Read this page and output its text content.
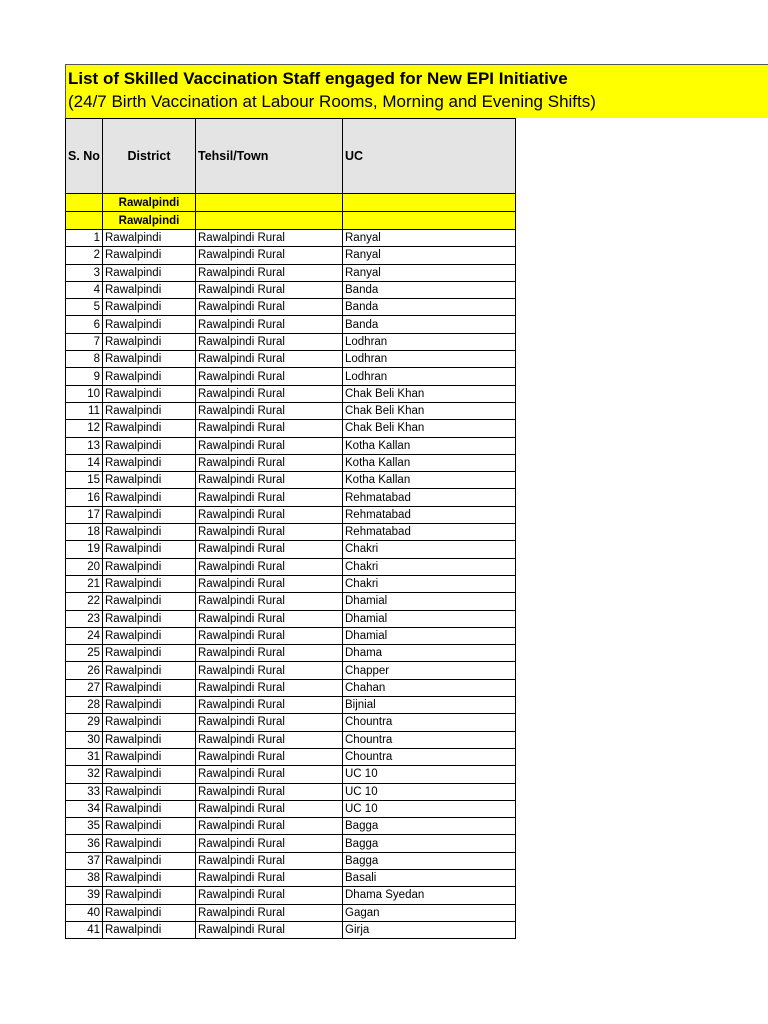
List of Skilled Vaccination Staff engaged for New EPI Initiative
(24/7 Birth Vaccination at Labour Rooms, Morning and Evening Shifts)
S. No	District	Tehsil/Town	UC
	Rawalpindi		
	Rawalpindi		
1	Rawalpindi	Rawalpindi Rural	Ranyal
2	Rawalpindi	Rawalpindi Rural	Ranyal
3	Rawalpindi	Rawalpindi Rural	Ranyal
4	Rawalpindi	Rawalpindi Rural	Banda
5	Rawalpindi	Rawalpindi Rural	Banda
6	Rawalpindi	Rawalpindi Rural	Banda
7	Rawalpindi	Rawalpindi Rural	Lodhran
8	Rawalpindi	Rawalpindi Rural	Lodhran
9	Rawalpindi	Rawalpindi Rural	Lodhran
10	Rawalpindi	Rawalpindi Rural	Chak Beli Khan
11	Rawalpindi	Rawalpindi Rural	Chak Beli Khan
12	Rawalpindi	Rawalpindi Rural	Chak Beli Khan
13	Rawalpindi	Rawalpindi Rural	Kotha Kallan
14	Rawalpindi	Rawalpindi Rural	Kotha Kallan
15	Rawalpindi	Rawalpindi Rural	Kotha Kallan
16	Rawalpindi	Rawalpindi Rural	Rehmatabad
17	Rawalpindi	Rawalpindi Rural	Rehmatabad
18	Rawalpindi	Rawalpindi Rural	Rehmatabad
19	Rawalpindi	Rawalpindi Rural	Chakri
20	Rawalpindi	Rawalpindi Rural	Chakri
21	Rawalpindi	Rawalpindi Rural	Chakri
22	Rawalpindi	Rawalpindi Rural	Dhamial
23	Rawalpindi	Rawalpindi Rural	Dhamial
24	Rawalpindi	Rawalpindi Rural	Dhamial
25	Rawalpindi	Rawalpindi Rural	Dhama
26	Rawalpindi	Rawalpindi Rural	Chapper
27	Rawalpindi	Rawalpindi Rural	Chahan
28	Rawalpindi	Rawalpindi Rural	Bijnial
29	Rawalpindi	Rawalpindi Rural	Chountra
30	Rawalpindi	Rawalpindi Rural	Chountra
31	Rawalpindi	Rawalpindi Rural	Chountra
32	Rawalpindi	Rawalpindi Rural	UC 10
33	Rawalpindi	Rawalpindi Rural	UC 10
34	Rawalpindi	Rawalpindi Rural	UC 10
35	Rawalpindi	Rawalpindi Rural	Bagga
36	Rawalpindi	Rawalpindi Rural	Bagga
37	Rawalpindi	Rawalpindi Rural	Bagga
38	Rawalpindi	Rawalpindi Rural	Basali
39	Rawalpindi	Rawalpindi Rural	Dhama Syedan
40	Rawalpindi	Rawalpindi Rural	Gagan
41	Rawalpindi	Rawalpindi Rural	Girja
